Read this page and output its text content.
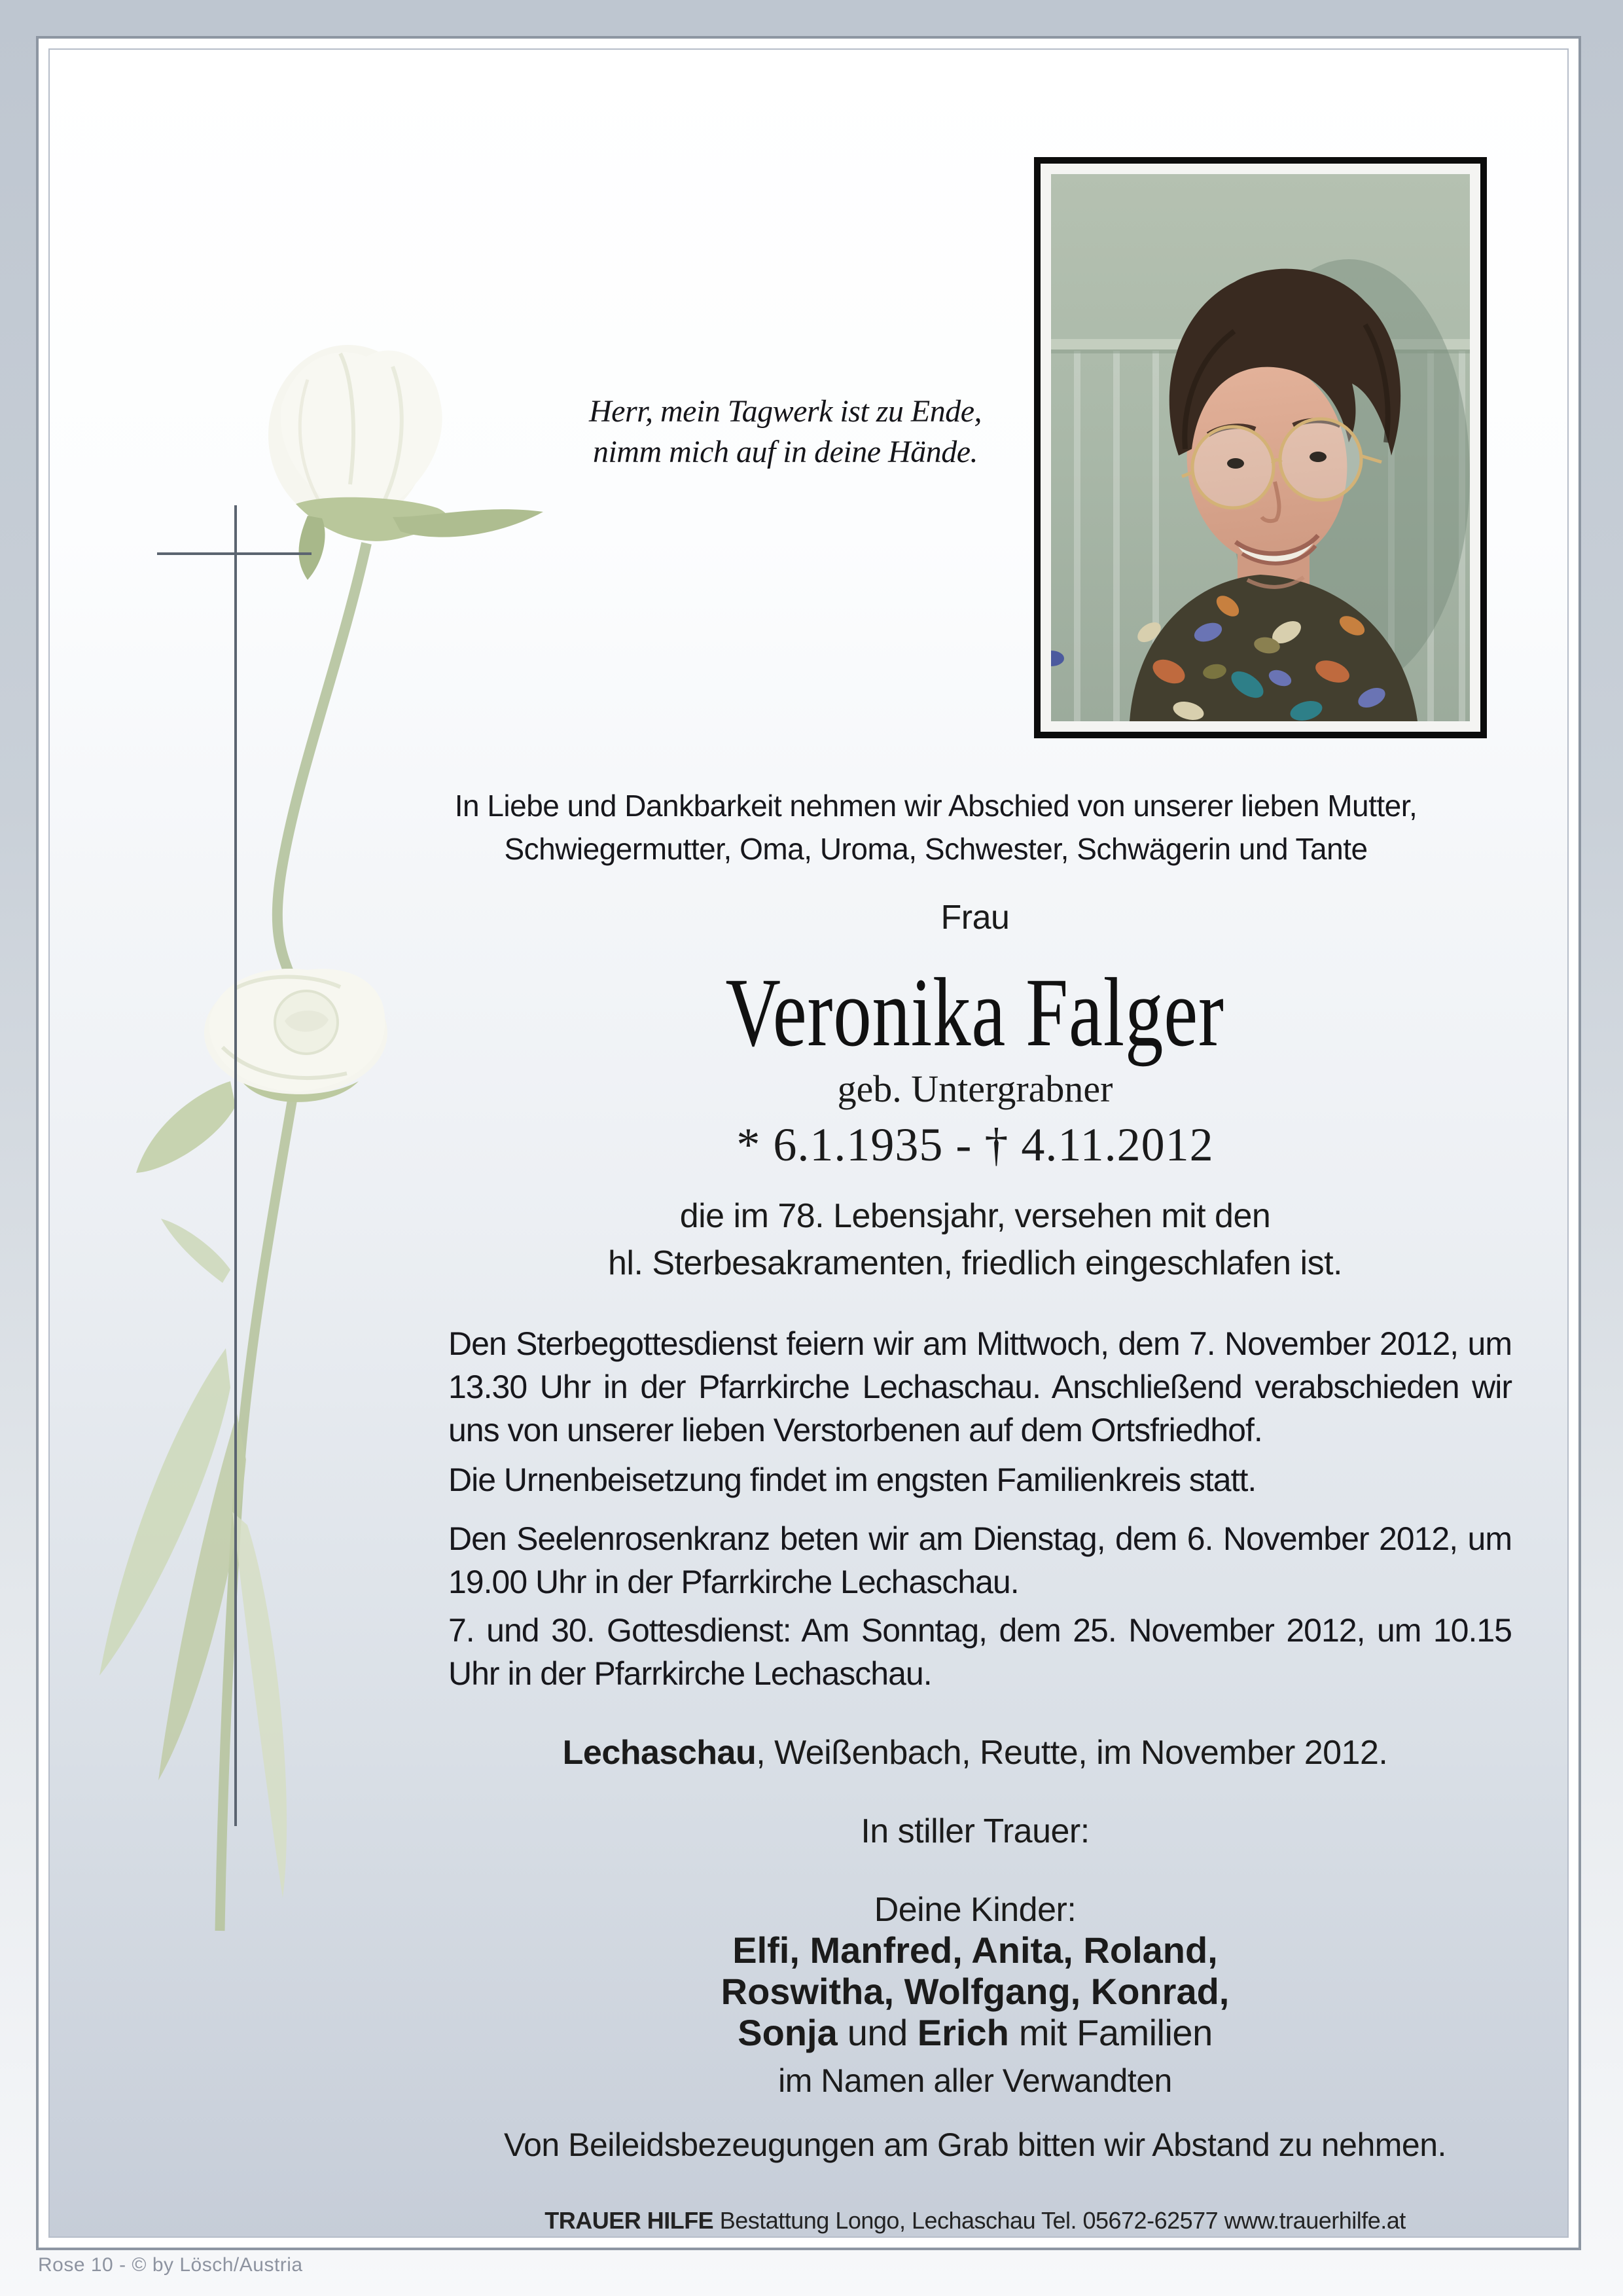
Herr, mein Tagwerk ist zu Ende,
nimm mich auf in deine Hände.
In Liebe und Dankbarkeit nehmen wir Abschied von unserer lieben Mutter,
Schwiegermutter, Oma, Uroma, Schwester, Schwägerin und Tante
Frau
Veronika Falger
geb. Untergrabner
* 6.1.1935 - † 4.11.2012
die im 78. Lebensjahr, versehen mit den
hl. Sterbesakramenten, friedlich eingeschlafen ist.
Den Sterbegottesdienst feiern wir am Mittwoch, dem 7. November 2012, um 13.30 Uhr in der Pfarrkirche Lechaschau. Anschließend verabschieden wir uns von unserer lieben Verstorbenen auf dem Ortsfriedhof.
Die Urnenbeisetzung findet im engsten Familienkreis statt.
Den Seelenrosenkranz beten wir am Dienstag, dem 6. November 2012, um 19.00 Uhr in der Pfarrkirche Lechaschau.
7. und 30. Gottesdienst: Am Sonntag, dem 25. November 2012, um 10.15 Uhr in der Pfarrkirche Lechaschau.
Lechaschau, Weißenbach, Reutte, im November 2012.
In stiller Trauer:
Deine Kinder:
Elfi, Manfred, Anita, Roland,
Roswitha, Wolfgang, Konrad,
Sonja und Erich mit Familien
im Namen aller Verwandten
Von Beileidsbezeugungen am Grab bitten wir Abstand zu nehmen.
TRAUER HILFE Bestattung Longo, Lechaschau Tel. 05672-62577 www.trauerhilfe.at
Rose 10 - © by Lösch/Austria
